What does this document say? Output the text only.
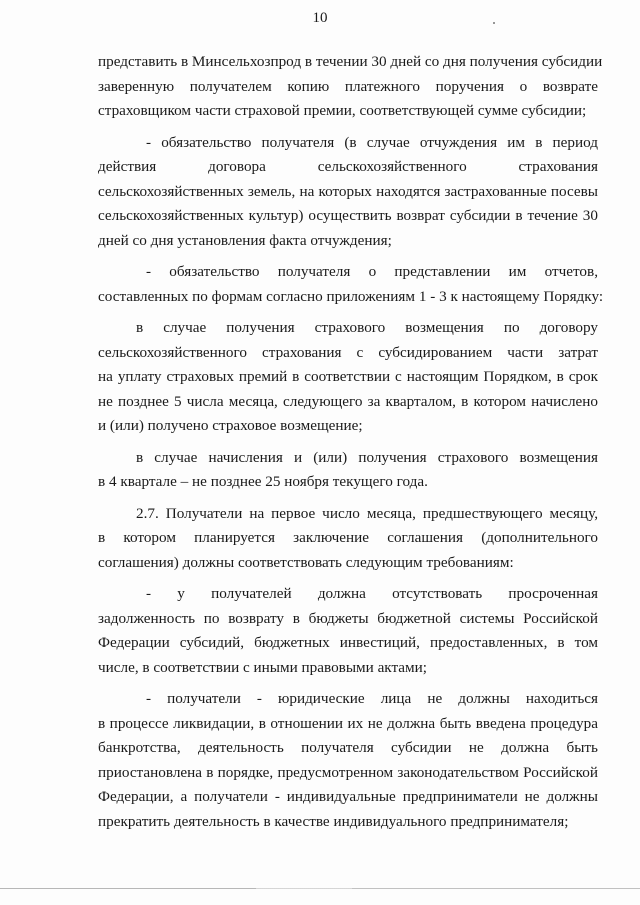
10
представить в Минсельхозпрод в течении 30 дней со дня получения субсидии
заверенную получателем копию платежного поручения о возврате
страховщиком части страховой премии, соответствующей сумме субсидии;
- обязательство получателя (в случае отчуждения им в период
действия договора сельскохозяйственного страхования
сельскохозяйственных земель, на которых находятся застрахованные посевы
сельскохозяйственных культур) осуществить возврат субсидии в течение 30
дней со дня установления факта отчуждения;
- обязательство получателя о представлении им отчетов,
составленных по формам согласно приложениям 1 - 3 к настоящему Порядку:
в случае получения страхового возмещения по договору
сельскохозяйственного страхования с субсидированием части затрат
на уплату страховых премий в соответствии с настоящим Порядком, в срок
не позднее 5 числа месяца, следующего за кварталом, в котором начислено
и (или) получено страховое возмещение;
в случае начисления и (или) получения страхового возмещения
в 4 квартале – не позднее 25 ноября текущего года.
2.7. Получатели на первое число месяца, предшествующего месяцу,
в котором планируется заключение соглашения (дополнительного
соглашения) должны соответствовать следующим требованиям:
- у получателей должна отсутствовать просроченная
задолженность по возврату в бюджеты бюджетной системы Российской
Федерации субсидий, бюджетных инвестиций, предоставленных, в том
числе, в соответствии с иными правовыми актами;
- получатели - юридические лица не должны находиться
в процессе ликвидации, в отношении их не должна быть введена процедура
банкротства, деятельность получателя субсидии не должна быть
приостановлена в порядке, предусмотренном законодательством Российской
Федерации, а получатели - индивидуальные предприниматели не должны
прекратить деятельность в качестве индивидуального предпринимателя;
